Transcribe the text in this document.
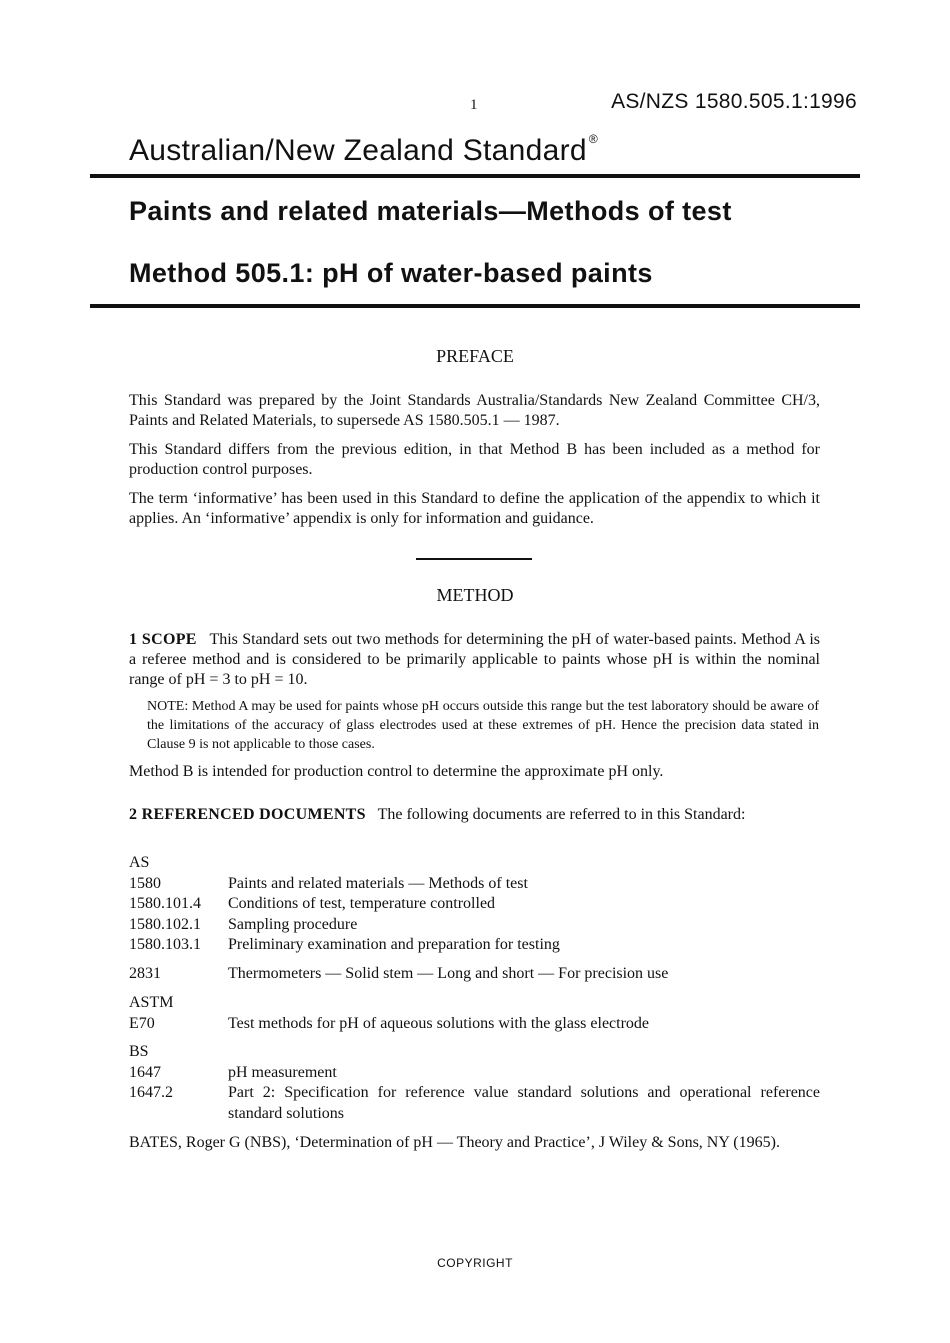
1	AS/NZS 1580.505.1:1996
Australian/New Zealand Standard ®
Paints and related materials—Methods of test
Method 505.1: pH of water-based paints
PREFACE
This Standard was prepared by the Joint Standards Australia/Standards New Zealand Committee CH/3, Paints and Related Materials, to supersede AS 1580.505.1 — 1987.
This Standard differs from the previous edition, in that Method B has been included as a method for production control purposes.
The term ‘informative’ has been used in this Standard to define the application of the appendix to which it applies. An ‘informative’ appendix is only for information and guidance.
METHOD
1 SCOPE This Standard sets out two methods for determining the pH of water-based paints. Method A is a referee method and is considered to be primarily applicable to paints whose pH is within the nominal range of pH = 3 to pH = 10.
NOTE: Method A may be used for paints whose pH occurs outside this range but the test laboratory should be aware of the limitations of the accuracy of glass electrodes used at these extremes of pH. Hence the precision data stated in Clause 9 is not applicable to those cases.
Method B is intended for production control to determine the approximate pH only.
2 REFERENCED DOCUMENTS The following documents are referred to in this Standard:
AS
1580	Paints and related materials — Methods of test
1580.101.4	Conditions of test, temperature controlled
1580.102.1	Sampling procedure
1580.103.1	Preliminary examination and preparation for testing
2831	Thermometers — Solid stem — Long and short — For precision use
ASTM
E70	Test methods for pH of aqueous solutions with the glass electrode
BS
1647	pH measurement
1647.2	Part 2: Specification for reference value standard solutions and operational reference standard solutions
BATES, Roger G (NBS), ‘Determination of pH — Theory and Practice’, J Wiley & Sons, NY (1965).
COPYRIGHT
